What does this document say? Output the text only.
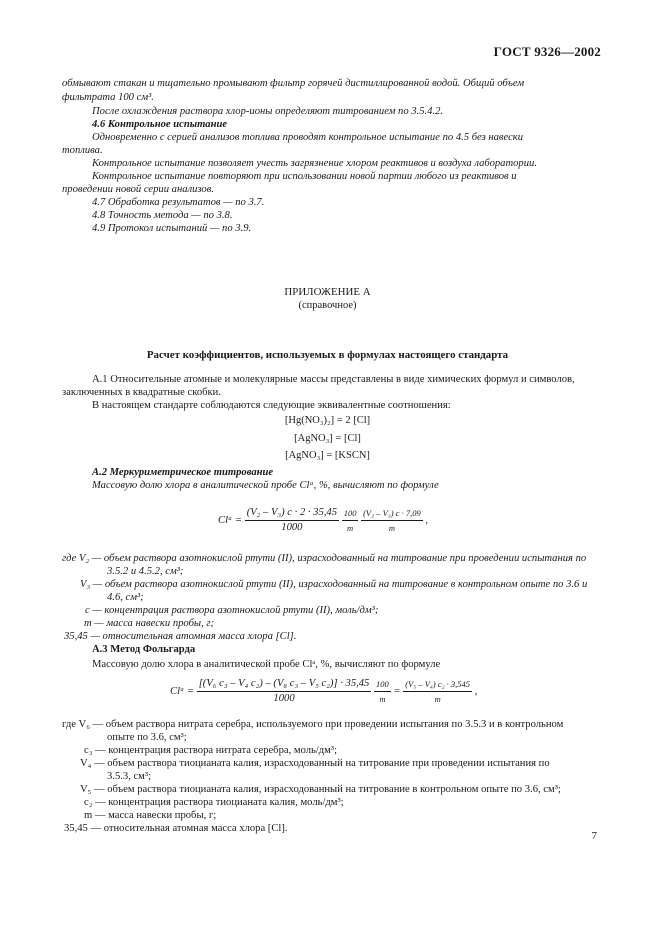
ГОСТ 9326—2002
обмывают стакан и тщательно промывают фильтр горячей дистиллированной водой. Общий объем
фильтрата 100 см³.
После охлаждения раствора хлор-ионы определяют титрованием по 3.5.4.2.
4.6 Контрольное испытание
Одновременно с серией анализов топлива проводят контрольное испытание по 4.5 без навески
топлива.
Контрольное испытание позволяет учесть загрязнение хлором реактивов и воздуха лаборатории.
Контрольное испытание повторяют при использовании новой партии любого из реактивов и
проведении новой серии анализов.
4.7 Обработка результатов — по 3.7.
4.8 Точность метода — по 3.8.
4.9 Протокол испытаний — по 3.9.
ПРИЛОЖЕНИЕ А
(справочное)
Расчет коэффициентов, используемых в формулах настоящего стандарта
А.1 Относительные атомные и молекулярные массы представлены в виде химических формул и символов,
заключенных в квадратные скобки.
В настоящем стандарте соблюдаются следующие эквивалентные соотношения:
[Hg(NO₃)₂] = 2 [Cl]
[AgNO₃] = [Cl]
[AgNO₃] = [KSCN]
А.2 Меркуриметрическое титрование
Массовую долю хлора в аналитической пробе Clᵃ, %, вычисляют по формуле
Clᵃ = $\frac{\text{(V₂ – V₃) c · 2 · 35,45}}{1000}$
$\frac{100}{m}$
$\frac{\text{(V₂ – V₃) c · 7,09}}{m}$ ,
где V₂ — объем раствора азотнокислой ртути (II), израсходованный на титрование при проведении испытания по
3.5.2 и 4.5.2, см³;
V₃ — объем раствора азотнокислой ртути (II), израсходованный на титрование в контрольном опыте по 3.6 и
4.6, см³;
c — концентрация раствора азотнокислой ртути (II), моль/дм³;
m — масса навески пробы, г;
35,45 — относительная атомная масса хлора [Cl].
А.3 Метод Фольгарда
Массовую долю хлора в аналитической пробе Clᵃ, %, вычисляют по формуле
Clᵃ = $\frac{\text{[(V₆ c₃ – V₄ c₂) – (V₈ c₃ – V₅ c₂)] · 35,45}}{1000}$
$\frac{100}{m} = \frac{\text{(V₅ – V₄) c₂ · 3,545}}{m}$ ,
где V₆ — объем раствора нитрата серебра, используемого при проведении испытания по 3.5.3 и в контрольном
опыте по 3.6, см³;
c₃ — концентрация раствора нитрата серебра, моль/дм³;
V₄ — объем раствора тиоцианата калия, израсходованный на титрование при проведении испытания по
3.5.3, см³;
V₅ — объем раствора тиоцианата калия, израсходованный на титрование в контрольном опыте по 3.6, см³;
c₂ — концентрация раствора тиоцианата калия, моль/дм³;
m — масса навески пробы, г;
35,45 — относительная атомная масса хлора [Cl].
7
